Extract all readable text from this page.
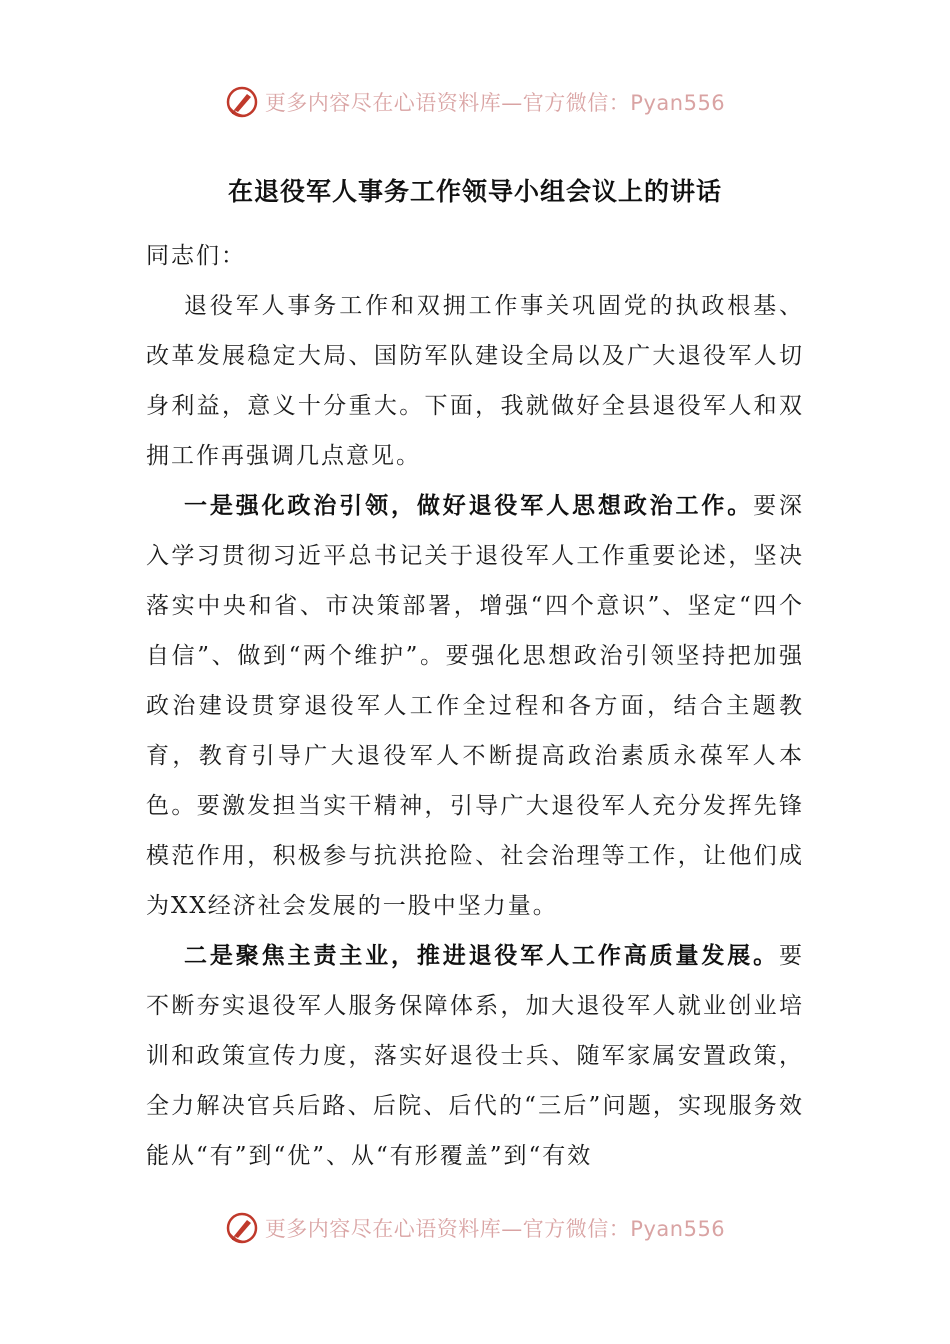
更多内容尽在心语资料库—官方微信：Pyan556
在退役军人事务工作领导小组会议上的讲话

同志们：

退役军人事务工作和双拥工作事关巩固党的执政根基、改革发展稳定大局、国防军队建设全局以及广大退役军人切身利益，意义十分重大。下面，我就做好全县退役军人和双拥工作再强调几点意见。

一是强化政治引领，做好退役军人思想政治工作。要深入学习贯彻习近平总书记关于退役军人工作重要论述，坚决落实中央和省、市决策部署，增强“四个意识”、坚定“四个自信”、做到“两个维护”。要强化思想政治引领坚持把加强政治建设贯穿退役军人工作全过程和各方面，结合主题教育，教育引导广大退役军人不断提高政治素质永葆军人本色。要激发担当实干精神，引导广大退役军人充分发挥先锋模范作用，积极参与抗洪抢险、社会治理等工作，让他们成为XX经济社会发展的一股中坚力量。

二是聚焦主责主业，推进退役军人工作高质量发展。要不断夯实退役军人服务保障体系，加大退役军人就业创业培训和政策宣传力度，落实好退役士兵、随军家属安置政策，全力解决官兵后路、后院、后代的“三后”问题，实现服务效能从“有”到“优”、从“有形覆盖”到“有效

更多内容尽在心语资料库—官方微信：Pyan556
